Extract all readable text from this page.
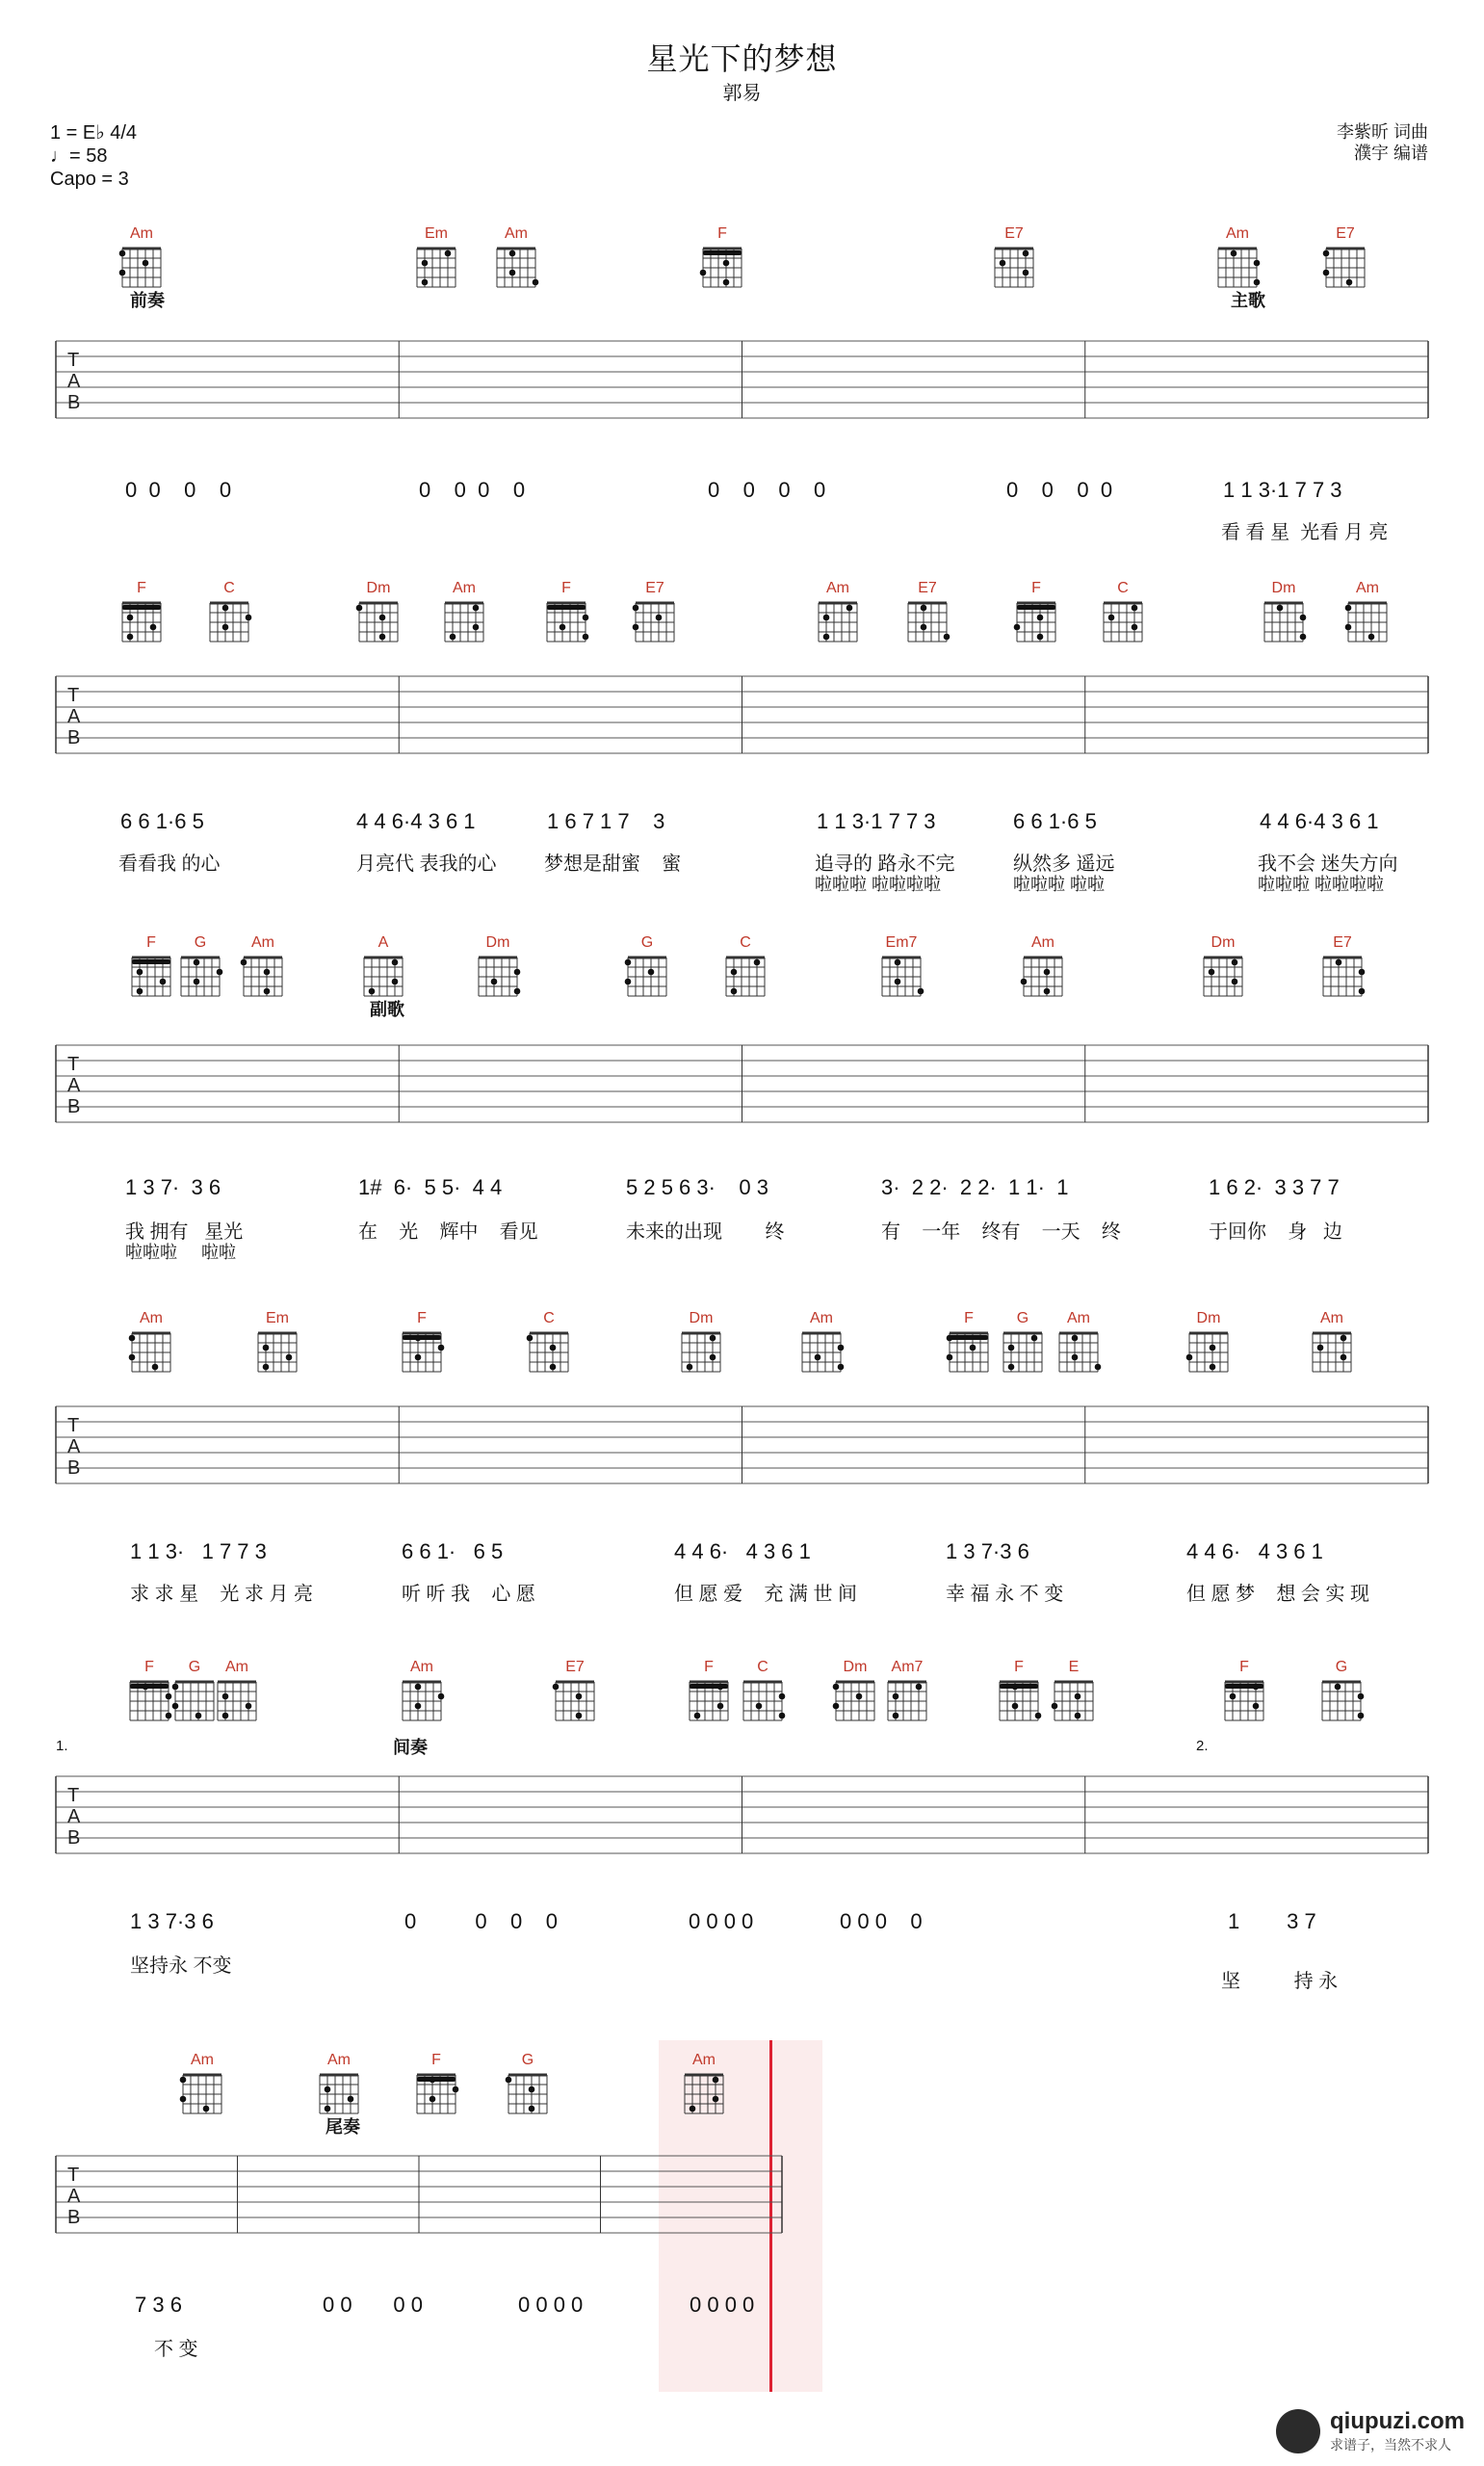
星光下的梦想
郭易
1 = E♭ 4/4
♩= 58
Capo = 3
李紫昕 词曲
濮宇 编谱
Am	Em	Am	F	E7	Am	E7
前奏	主歌
T
A
B
0  0    0    0	0    0  0    0	0    0    0    0	0    0    0  0	1 1 3·1 7 7 3
看 看 星  光看 月 亮
F	C	Dm	Am	F	E7	Am	E7	F	C	Dm	Am
T
A
B
6 6 1·6 5	4 4 6·4 3 6 1	1 6 7 1 7    3	1 1 3·1 7 7 3	6 6 1·6 5	4 4 6·4 3 6 1
看看我 的心	月亮代 表我的心 梦想是甜蜜    蜜	追寻的 路永不完	纵然多 遥远	我不会 迷失方向
啦啦啦 啦啦啦啦	啦啦啦 啦啦	啦啦啦 啦啦啦啦
F	G	Am	A	Dm	G	C	Em7	Am	Dm	E7
副歌
T
A
B
1 3 7·  3 6	1#  6·  5 5·  4 4	5 2 5 6 3·    0 3	3·  2 2·  2 2·  1 1·  1	1 6 2·  3 3 7 7
我 拥有   星光	在    光    辉中    看见	未来的出现        终	有    一年    终有    一天    终	于回你    身   边
啦啦啦     啦啦
Am	Em	F	C	Dm	Am	F	G	Am	Dm	Am
T
A
B
1 1 3·   1 7 7 3	6 6 1·   6 5	4 4 6·   4 3 6 1	1 3 7·3 6	4 4 6·   4 3 6 1
求 求 星    光 求 月 亮	听 听 我    心 愿	但 愿 爱    充 满 世 间	幸 福 永 不 变	但 愿 梦    想 会 实 现
F	G	Am	Am	E7	F	C	Dm	Am7	F	E	F	G
1.	间奏	2.
T
A
B
1 3 7·3 6	0          0    0    0	0 0 0 0	0 0 0    0	1        3 7
坚持永 不变
坚          持 永
Am	Am	F	G	Am
尾奏
T
A
B
7 3 6	0 0       0 0	0 0 0 0	0 0 0 0
不 变
qiupuzi.com
求谱子，当然不求人
